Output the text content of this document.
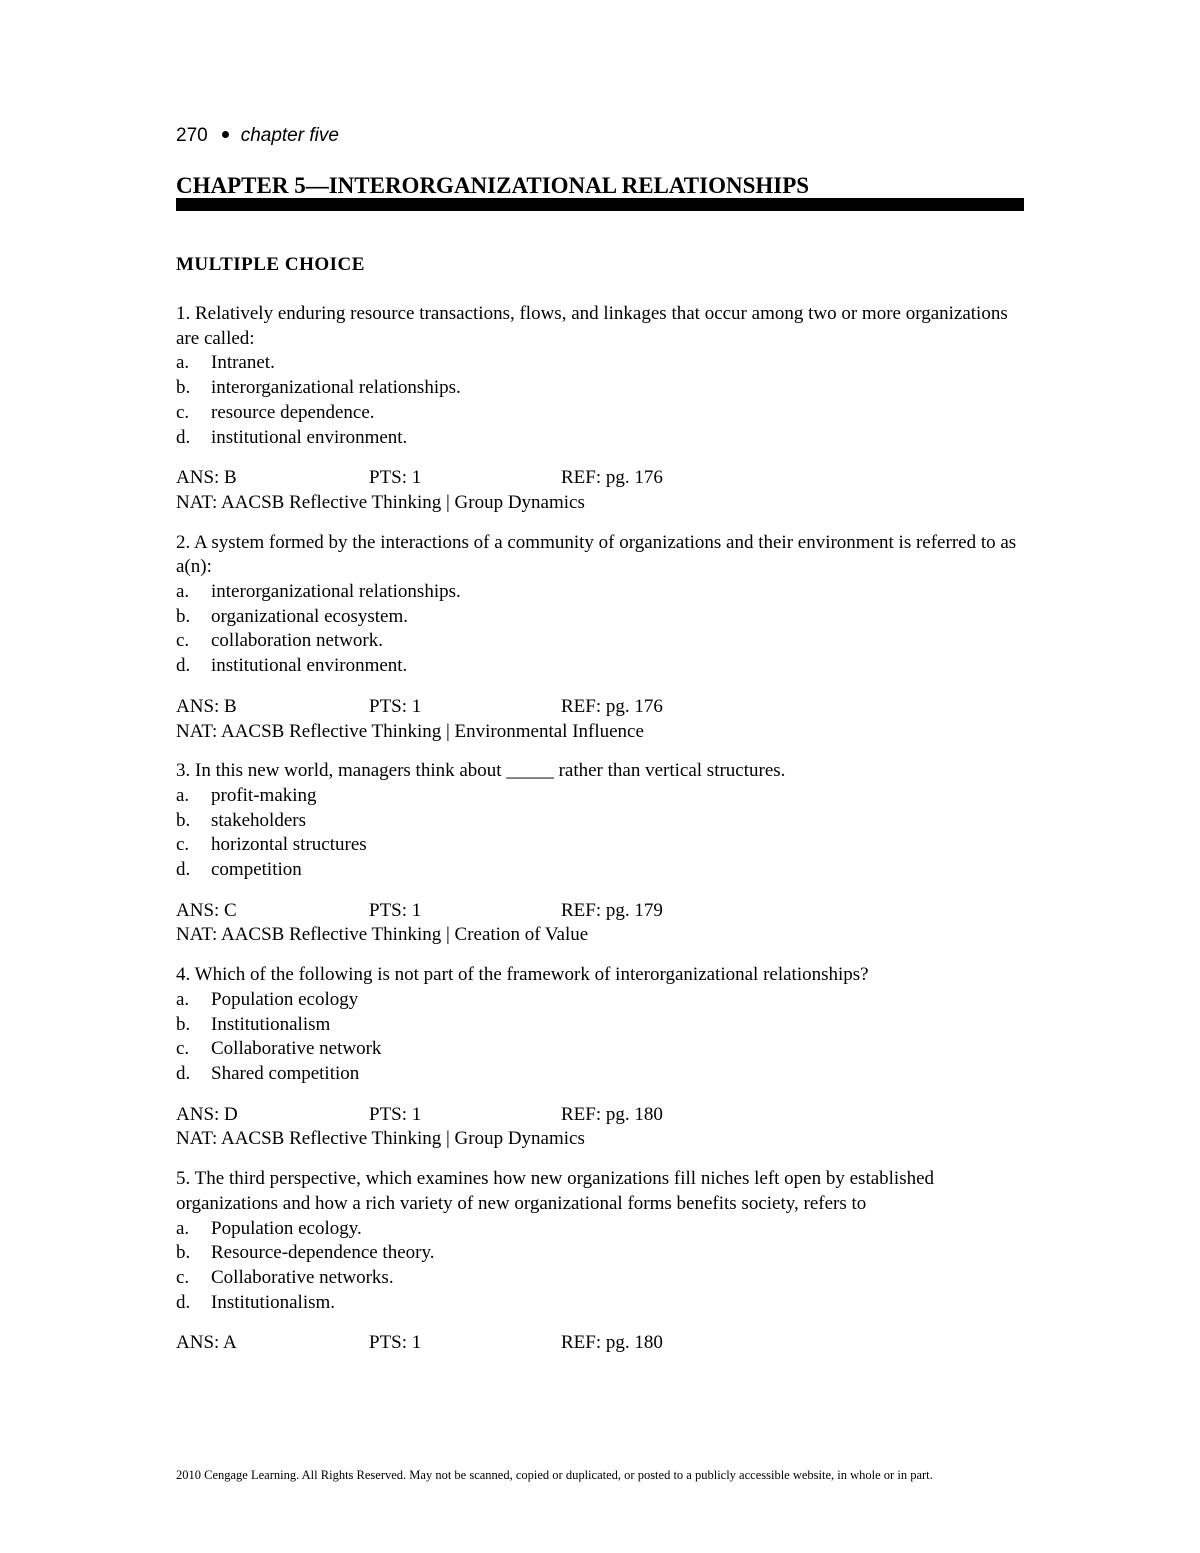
270 chapter five
CHAPTER 5—INTERORGANIZATIONAL RELATIONSHIPS
MULTIPLE CHOICE

1. Relatively enduring resource transactions, flows, and linkages that occur among two or more organizations are called:

a. Intranet.
b. interorganizational relationships.
c. resource dependence.
d. institutional environment.
ANS: B	PTS: 1	REF: pg. 176
NAT: AACSB Reflective Thinking | Group Dynamics

2. A system formed by the interactions of a community of organizations and their environment is referred to as a(n):

a. interorganizational relationships.
b. organizational ecosystem.
c. collaboration network.
d. institutional environment.
ANS: B	PTS: 1	REF: pg. 176
NAT: AACSB Reflective Thinking | Environmental Influence

3. In this new world, managers think about _____ rather than vertical structures.

a. profit-making
b. stakeholders
c. horizontal structures
d. competition
ANS: C	PTS: 1	REF: pg. 179
NAT: AACSB Reflective Thinking | Creation of Value

4. Which of the following is not part of the framework of interorganizational relationships?

a. Population ecology
b. Institutionalism
c. Collaborative network
d. Shared competition
ANS: D	PTS: 1	REF: pg. 180
NAT: AACSB Reflective Thinking | Group Dynamics

5. The third perspective, which examines how new organizations fill niches left open by established organizations and how a rich variety of new organizational forms benefits society, refers to

a. Population ecology.
b. Resource-dependence theory.
c. Collaborative networks.
d. Institutionalism.
ANS: A	PTS: 1	REF: pg. 180
2010 Cengage Learning. All Rights Reserved. May not be scanned, copied or duplicated, or posted to a publicly accessible website, in whole or in part.
